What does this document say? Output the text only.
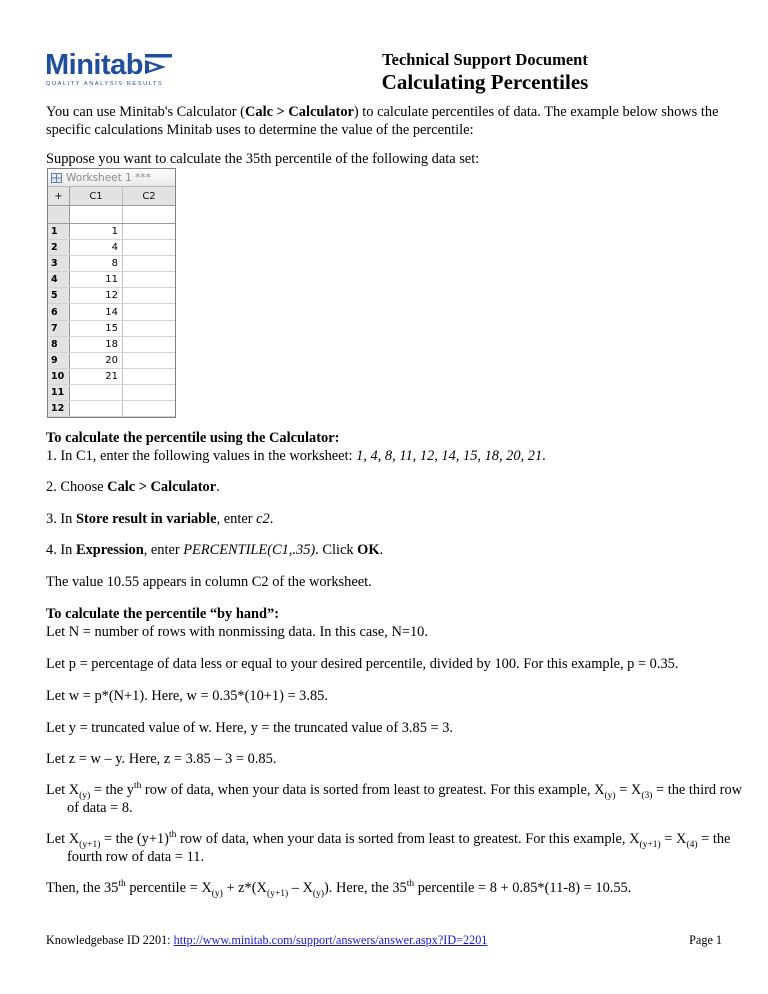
Minitab
QUALITY ANALYSIS RESULTS
Technical Support Document
Calculating Percentiles
You can use Minitab's Calculator (Calc > Calculator) to calculate percentiles of data. The example below shows the specific calculations Minitab uses to determine the value of the percentile:
Suppose you want to calculate the 35th percentile of the following data set:
Worksheet 1 ***
+	C1	C2
1	1
2	4
3	8
4	11
5	12
6	14
7	15
8	18
9	20
10	21
11
12
To calculate the percentile using the Calculator:
1. In C1, enter the following values in the worksheet: 1, 4, 8, 11, 12, 14, 15, 18, 20, 21.
2. Choose Calc > Calculator.
3. In Store result in variable, enter c2.
4. In Expression, enter PERCENTILE(C1,.35). Click OK.
The value 10.55 appears in column C2 of the worksheet.
To calculate the percentile “by hand”:
Let N = number of rows with nonmissing data. In this case, N=10.
Let p = percentage of data less or equal to your desired percentile, divided by 100. For this example, p = 0.35.
Let w = p*(N+1). Here, w = 0.35*(10+1) = 3.85.
Let y = truncated value of w. Here, y = the truncated value of 3.85 = 3.
Let z = w – y. Here, z = 3.85 – 3 = 0.85.
Let $X_{(y)}$ = the $y^{th}$ row of data, when your data is sorted from least to greatest. For this example, $X_{(y)} = X_{(3)}$ = the third row of data = 8.
Let $X_{(y+1)}$ = the $(y+1)^{th}$ row of data, when your data is sorted from least to greatest. For this example, $X_{(y+1)} = X_{(4)}$ = the fourth row of data = 11.
Then, the 35th percentile = $X_{(y)} + z*(X_{(y+1)} - X_{(y)})$. Here, the 35th percentile = 8 + 0.85*(11-8) = 10.55.
Knowledgebase ID 2201: http://www.minitab.com/support/answers/answer.aspx?ID=2201	Page 1
